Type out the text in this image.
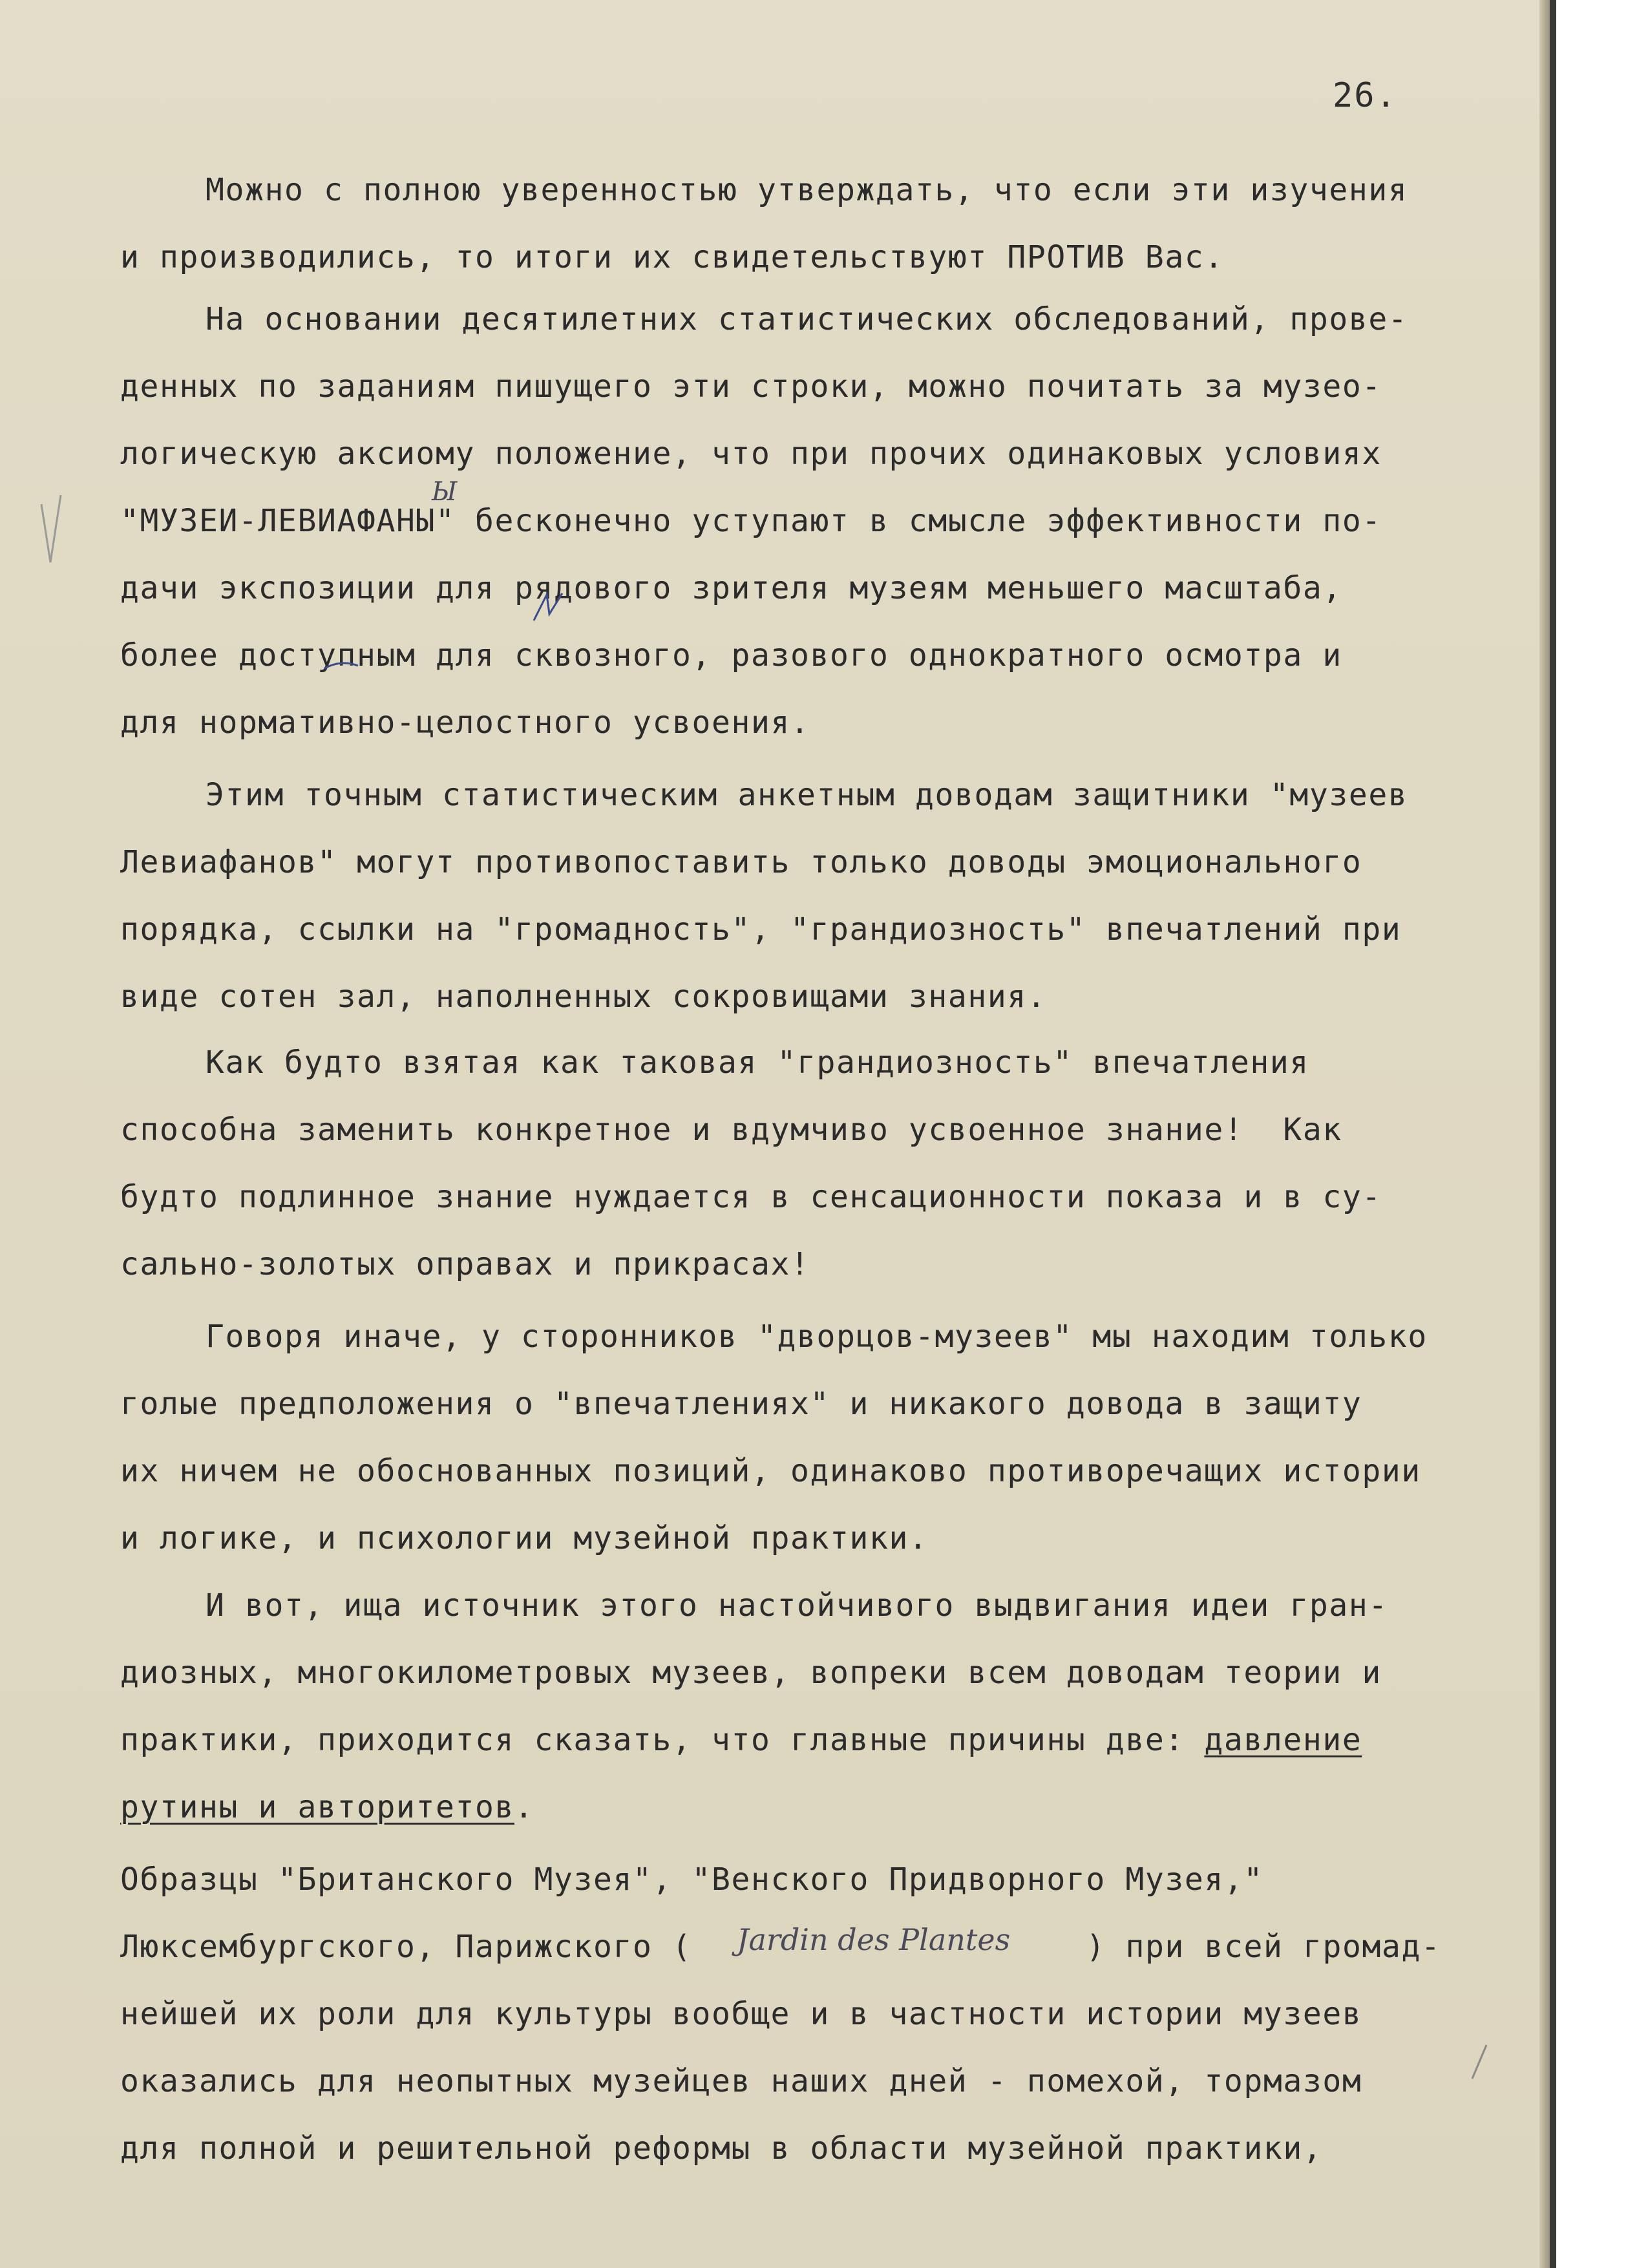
26.
Можно с полною уверенностью утверждать, что если эти изучения
и производились, то итоги их свидетельствуют ПРОТИВ Вас.
На основании десятилетних статистических обследований, прове-
денных по заданиям пишущего эти строки, можно почитать за музео-
логическую аксиому положение, что при прочих одинаковых условиях
"МУЗЕИ-ЛЕВИАФАНЫ" бесконечно уступают в смысле эффективности по-
дачи экспозиции для рядового зрителя музеям меньшего масштаба,
более доступным для сквозного, разового однократного осмотра и
для нормативно-целостного усвоения.
Этим точным статистическим анкетным доводам защитники "музеев
Левиафанов" могут противопоставить только доводы эмоционального
порядка, ссылки на "громадность", "грандиозность" впечатлений при
виде сотен зал, наполненных сокровищами знания.
Как будто взятая как таковая "грандиозность" впечатления
способна заменить конкретное и вдумчиво усвоенное знание!  Как
будто подлинное знание нуждается в сенсационности показа и в су-
сально-золотых оправах и прикрасах!
Говоря иначе, у сторонников "дворцов-музеев" мы находим только
голые предположения о "впечатлениях" и никакого довода в защиту
их ничем не обоснованных позиций, одинаково противоречащих истории
и логике, и психологии музейной практики.
И вот, ища источник этого настойчивого выдвигания идеи гран-
диозных, многокилометровых музеев, вопреки всем доводам теории и
практики, приходится сказать, что главные причины две: давление
рутины и авторитетов.
Образцы "Британского Музея", "Венского Придворного Музея,"
Люксембургского, Парижского (	) при всей громад-
нейшей их роли для культуры вообще и в частности истории музеев
оказались для неопытных музейцев наших дней - помехой, тормазом
для полной и решительной реформы в области музейной практики,
Jardin des Plantes
Ы
